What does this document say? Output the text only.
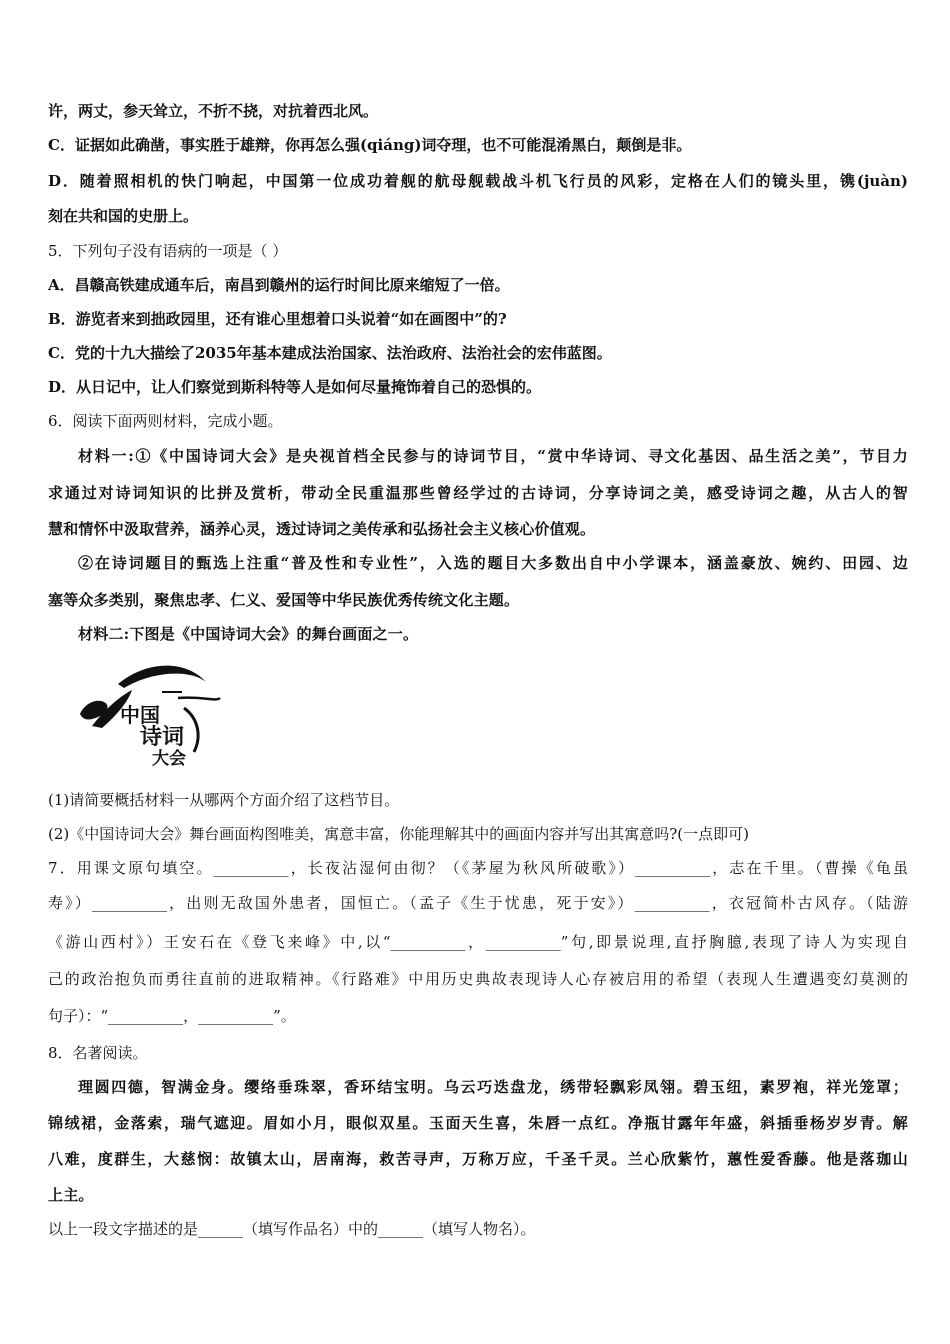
许，两丈，参天耸立，不折不挠，对抗着西北风。
C．证据如此确凿，事实胜于雄辩，你再怎么强(qiáng)词夺理，也不可能混淆黑白，颠倒是非。
D．随着照相机的快门响起，中国第一位成功着舰的航母舰载战斗机飞行员的风彩，定格在人们的镜头里，镌(juàn)
刻在共和国的史册上。
5．下列句子没有语病的一项是（ ）
A．昌赣高铁建成通车后，南昌到赣州的运行时间比原来缩短了一倍。
B．游览者来到拙政园里，还有谁心里想着口头说着“如在画图中”的?
C．党的十九大描绘了2035年基本建成法治国家、法治政府、法治社会的宏伟蓝图。
D．从日记中，让人们察觉到斯科特等人是如何尽量掩饰着自己的恐惧的。
6．阅读下面两则材料，完成小题。
材料一:①《中国诗词大会》是央视首档全民参与的诗词节目，“赏中华诗词、寻文化基因、品生活之美”，节目力
求通过对诗词知识的比拼及赏析，带动全民重温那些曾经学过的古诗词，分享诗词之美，感受诗词之趣，从古人的智
慧和情怀中汲取营养，涵养心灵，透过诗词之美传承和弘扬社会主义核心价值观。
②在诗词题目的甄选上注重“普及性和专业性”，入选的题目大多数出自中小学课本，涵盖豪放、婉约、田园、边
塞等众多类别，聚焦忠孝、仁义、爱国等中华民族优秀传统文化主题。
材料二:下图是《中国诗词大会》的舞台画面之一。
中国
诗词
大会
(1)请简要概括材料一从哪两个方面介绍了这档节目。
(2)《中国诗词大会》舞台画面构图唯美，寓意丰富，你能理解其中的画面内容并写出其寓意吗?(一点即可)
7．用课文原句填空。__________，长夜沾湿何由彻？（《茅屋为秋风所破歌》）__________，志在千里。（曹操《龟虽
寿》）__________，出则无敌国外患者，国恒亡。（孟子《生于忧患，死于安》）__________，衣冠简朴古风存。（陆游
《游山西村》）王安石在《登飞来峰》中,以“__________，__________”句,即景说理,直抒胸臆,表现了诗人为实现自
己的政治抱负而勇往直前的进取精神。《行路难》中用历史典故表现诗人心存被启用的希望（表现人生遭遇变幻莫测的
句子）：“__________，__________”。
8．名著阅读。
理圆四德，智满金身。缨络垂珠翠，香环结宝明。乌云巧迭盘龙，绣带轻飘彩凤翎。碧玉纽，素罗袍，祥光笼罩；
锦绒裙，金落索，瑞气遮迎。眉如小月，眼似双星。玉面天生喜，朱唇一点红。净瓶甘露年年盛，斜插垂杨岁岁青。解
八难，度群生，大慈悯：故镇太山，居南海，救苦寻声，万称万应，千圣千灵。兰心欣紫竹，蕙性爱香藤。他是落珈山
上主。
以上一段文字描述的是______（填写作品名）中的______（填写人物名）。
